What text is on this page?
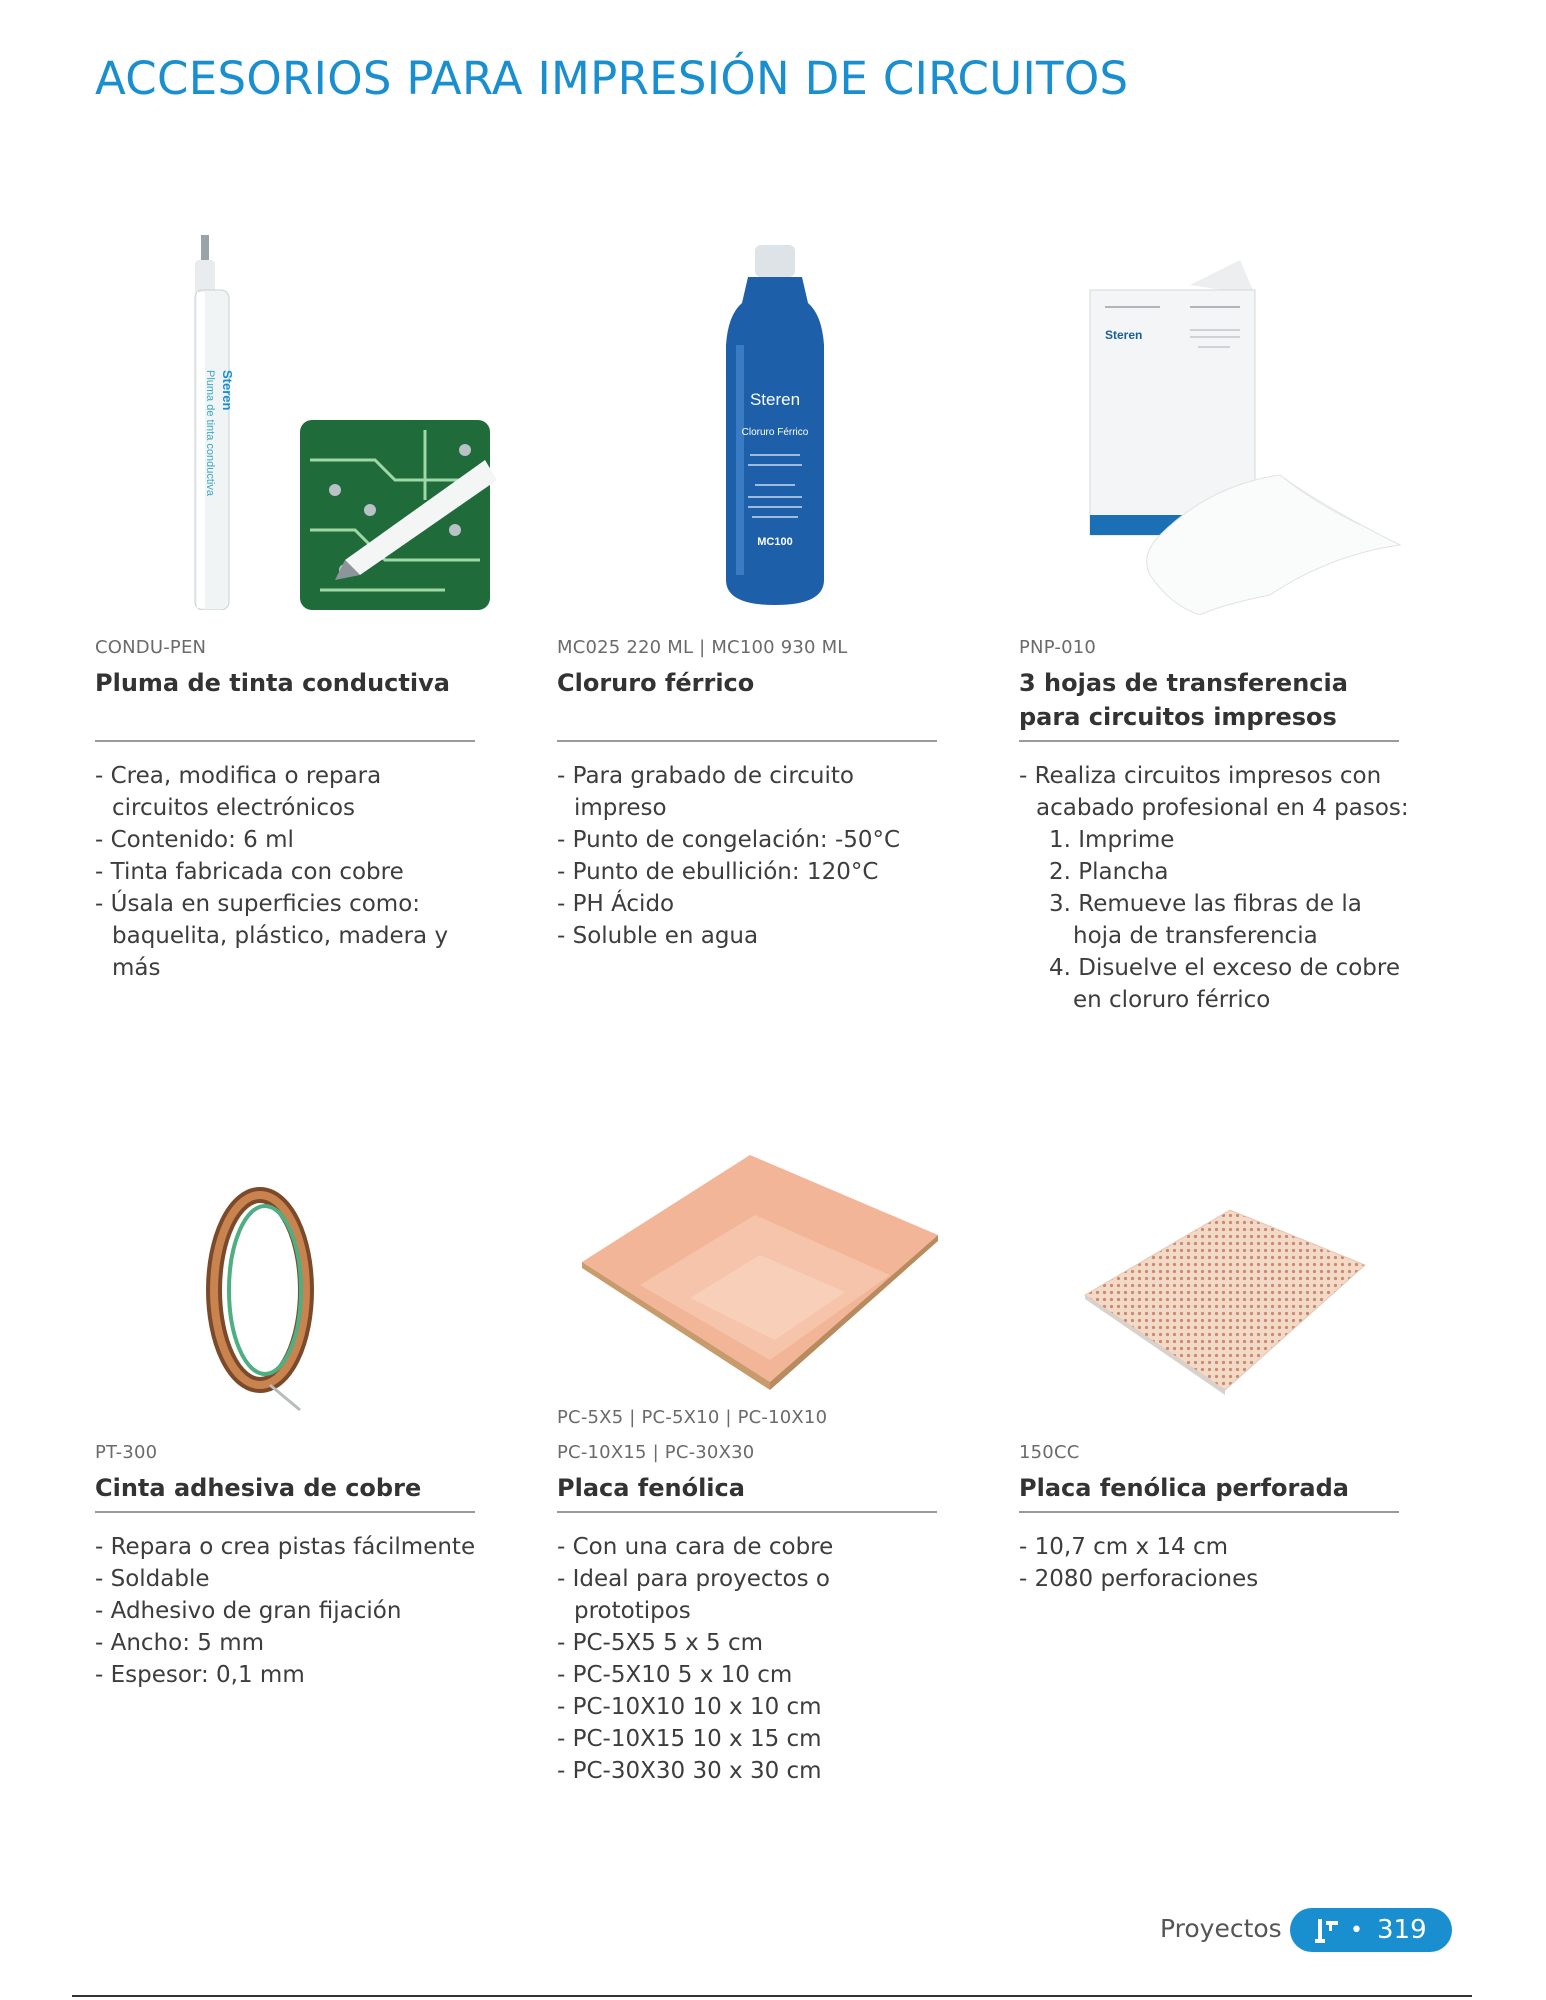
ACCESORIOS PARA IMPRESIÓN DE CIRCUITOS
Steren
Pluma de tinta conductiva	Steren
Cloruro Férrico
MC100
Steren
CONDU-PEN
Pluma de tinta conductiva
- Crea, modifica o repara circuitos electrónicos
- Contenido: 6 ml
- Tinta fabricada con cobre
- Úsala en superficies como: baquelita, plástico, madera y más
MC025 220 ML | MC100 930 ML
Cloruro férrico
- Para grabado de circuito impreso
- Punto de congelación: -50°C
- Punto de ebullición: 120°C
- PH Ácido
- Soluble en agua
PNP-010
3 hojas de transferencia para circuitos impresos
- Realiza circuitos impresos con acabado profesional en 4 pasos:
1. Imprime
2. Plancha
3. Remueve las fibras de la hoja de transferencia
4. Disuelve el exceso de cobre en cloruro férrico
PT-300
Cinta adhesiva de cobre
- Repara o crea pistas fácilmente
- Soldable
- Adhesivo de gran fijación
- Ancho: 5 mm
- Espesor: 0,1 mm
PC-5X5 | PC-5X10 | PC-10X10
PC-10X15 | PC-30X30
Placa fenólica
- Con una cara de cobre
- Ideal para proyectos o prototipos
- PC-5X5 5 x 5 cm
- PC-5X10 5 x 10 cm
- PC-10X10 10 x 10 cm
- PC-10X15 10 x 15 cm
- PC-30X30 30 x 30 cm
150CC
Placa fenólica perforada
- 10,7 cm x 14 cm
- 2080 perforaciones
Proyectos	• 319
